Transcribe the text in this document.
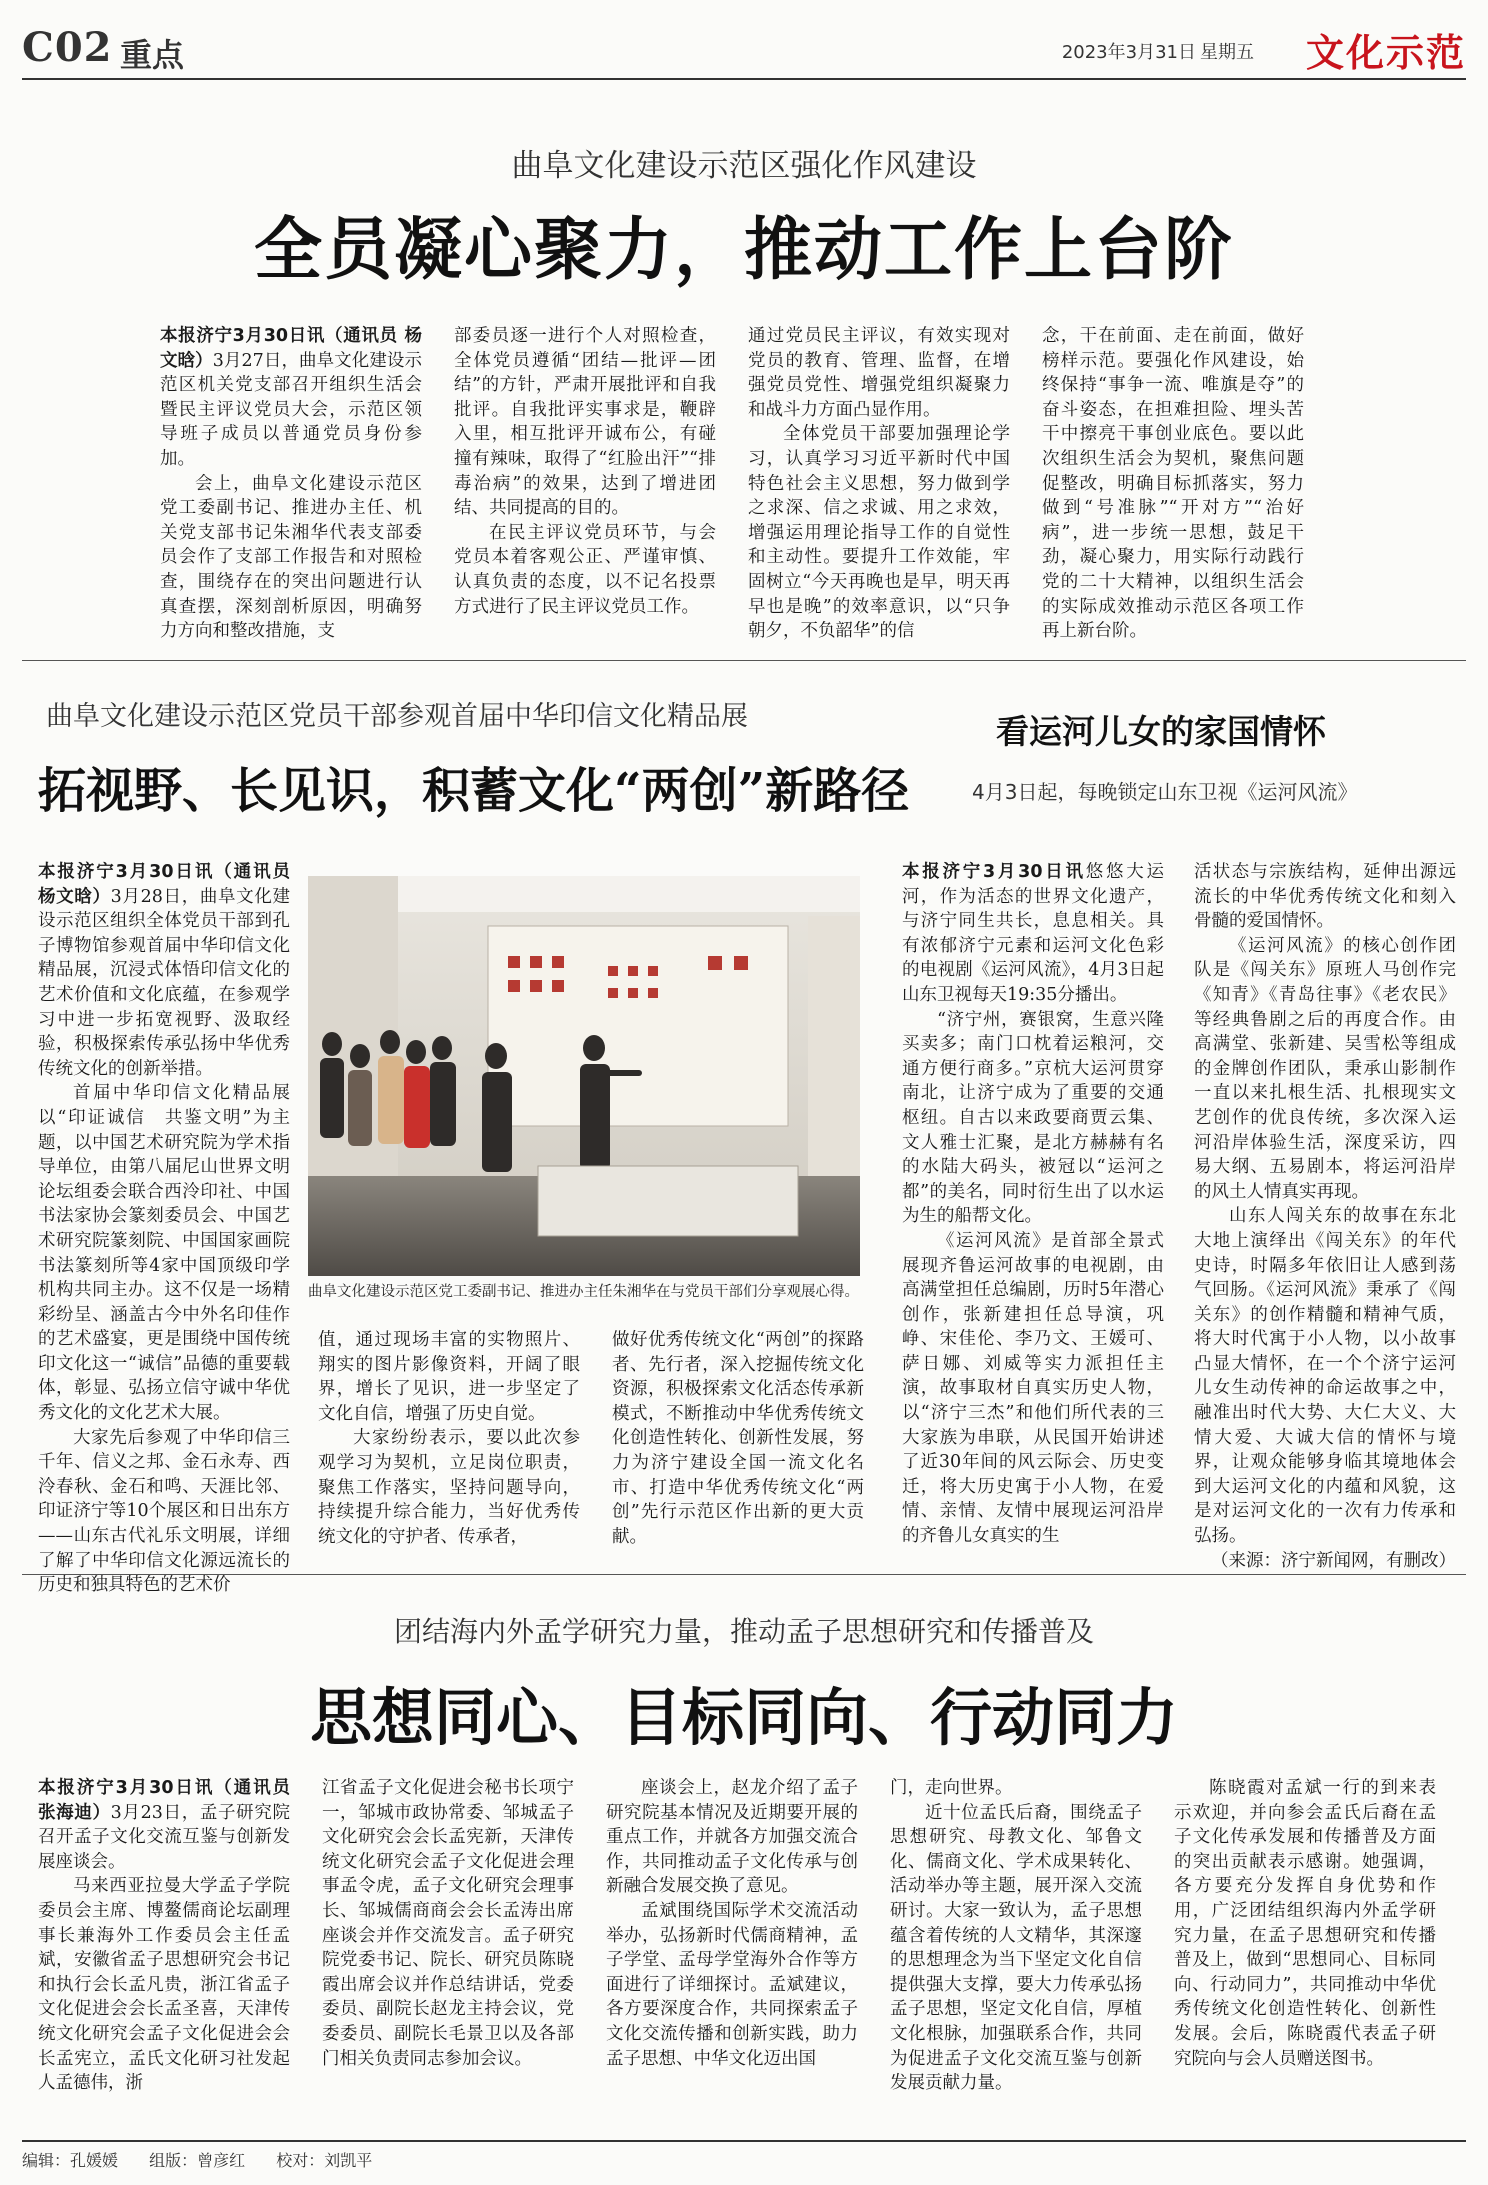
C02 重点	2023年3月31日 星期五 文化示范
曲阜文化建设示范区强化作风建设
全员凝心聚力，推动工作上台阶

本报济宁3月30日讯（通讯员 杨文晗）3月27日，曲阜文化建设示范区机关党支部召开组织生活会暨民主评议党员大会，示范区领导班子成员以普通党员身份参加。

会上，曲阜文化建设示范区党工委副书记、推进办主任、机关党支部书记朱湘华代表支部委员会作了支部工作报告和对照检查，围绕存在的突出问题进行认真查摆，深刻剖析原因，明确努力方向和整改措施，支

部委员逐一进行个人对照检查，全体党员遵循“团结—批评—团结”的方针，严肃开展批评和自我批评。自我批评实事求是，鞭辟入里，相互批评开诚布公，有碰撞有辣味，取得了“红脸出汗”“排毒治病”的效果，达到了增进团结、共同提高的目的。

在民主评议党员环节，与会党员本着客观公正、严谨审慎、认真负责的态度，以不记名投票方式进行了民主评议党员工作。

通过党员民主评议，有效实现对党员的教育、管理、监督，在增强党员党性、增强党组织凝聚力和战斗力方面凸显作用。

全体党员干部要加强理论学习，认真学习习近平新时代中国特色社会主义思想，努力做到学之求深、信之求诚、用之求效，增强运用理论指导工作的自觉性和主动性。要提升工作效能，牢固树立“今天再晚也是早，明天再早也是晚”的效率意识，以“只争朝夕，不负韶华”的信

念，干在前面、走在前面，做好榜样示范。要强化作风建设，始终保持“事争一流、唯旗是夺”的奋斗姿态，在担难担险、埋头苦干中擦亮干事创业底色。要以此次组织生活会为契机，聚焦问题促整改，明确目标抓落实，努力做到“号准脉”“开对方”“治好病”，进一步统一思想，鼓足干劲，凝心聚力，用实际行动践行党的二十大精神，以组织生活会的实际成效推动示范区各项工作再上新台阶。

曲阜文化建设示范区党员干部参观首届中华印信文化精品展
拓视野、长见识，积蓄文化“两创”新路径

本报济宁3月30日讯（通讯员 杨文晗）3月28日，曲阜文化建设示范区组织全体党员干部到孔子博物馆参观首届中华印信文化精品展，沉浸式体悟印信文化的艺术价值和文化底蕴，在参观学习中进一步拓宽视野、汲取经验，积极探索传承弘扬中华优秀传统文化的创新举措。

首届中华印信文化精品展以“印证诚信　共鉴文明”为主题，以中国艺术研究院为学术指导单位，由第八届尼山世界文明论坛组委会联合西泠印社、中国书法家协会篆刻委员会、中国艺术研究院篆刻院、中国国家画院书法篆刻所等4家中国顶级印学机构共同主办。这不仅是一场精彩纷呈、涵盖古今中外名印佳作的艺术盛宴，更是围绕中国传统印文化这一“诚信”品德的重要载体，彰显、弘扬立信守诚中华优秀文化的文化艺术大展。

大家先后参观了中华印信三千年、信义之邦、金石永寿、西泠春秋、金石和鸣、天涯比邻、印证济宁等10个展区和日出东方——山东古代礼乐文明展，详细了解了中华印信文化源远流长的历史和独具特色的艺术价

曲阜文化建设示范区党工委副书记、推进办主任朱湘华在与党员干部们分享观展心得。

值，通过现场丰富的实物照片、翔实的图片影像资料，开阔了眼界，增长了见识，进一步坚定了文化自信，增强了历史自觉。

大家纷纷表示，要以此次参观学习为契机，立足岗位职责，聚焦工作落实，坚持问题导向，持续提升综合能力，当好优秀传统文化的守护者、传承者，

做好优秀传统文化“两创”的探路者、先行者，深入挖掘传统文化资源，积极探索文化活态传承新模式，不断推动中华优秀传统文化创造性转化、创新性发展，努力为济宁建设全国一流文化名市、打造中华优秀传统文化“两创”先行示范区作出新的更大贡献。

看运河儿女的家国情怀
4月3日起，每晚锁定山东卫视《运河风流》

本报济宁3月30日讯悠悠大运河，作为活态的世界文化遗产，与济宁同生共长，息息相关。具有浓郁济宁元素和运河文化色彩的电视剧《运河风流》，4月3日起山东卫视每天19:35分播出。

“济宁州，赛银窝，生意兴隆买卖多；南门口枕着运粮河，交通方便行商多。”京杭大运河贯穿南北，让济宁成为了重要的交通枢纽。自古以来政要商贾云集、文人雅士汇聚，是北方赫赫有名的水陆大码头，被冠以“运河之都”的美名，同时衍生出了以水运为生的船帮文化。

《运河风流》是首部全景式展现齐鲁运河故事的电视剧，由高满堂担任总编剧，历时5年潜心创作，张新建担任总导演，巩峥、宋佳伦、李乃文、王媛可、萨日娜、刘威等实力派担任主演，故事取材自真实历史人物，以“济宁三杰”和他们所代表的三大家族为串联，从民国开始讲述了近30年间的风云际会、历史变迁，将大历史寓于小人物，在爱情、亲情、友情中展现运河沿岸的齐鲁儿女真实的生

活状态与宗族结构，延伸出源远流长的中华优秀传统文化和刻入骨髓的爱国情怀。

《运河风流》的核心创作团队是《闯关东》原班人马创作完《知青》《青岛往事》《老农民》等经典鲁剧之后的再度合作。由高满堂、张新建、吴雪松等组成的金牌创作团队，秉承山影制作一直以来扎根生活、扎根现实文艺创作的优良传统，多次深入运河沿岸体验生活，深度采访，四易大纲、五易剧本，将运河沿岸的风土人情真实再现。

山东人闯关东的故事在东北大地上演绎出《闯关东》的年代史诗，时隔多年依旧让人感到荡气回肠。《运河风流》秉承了《闯关东》的创作精髓和精神气质，将大时代寓于小人物，以小故事凸显大情怀，在一个个济宁运河儿女生动传神的命运故事之中，融准出时代大势、大仁大义、大情大爱、大诚大信的情怀与境界，让观众能够身临其境地体会到大运河文化的内蕴和风貌，这是对运河文化的一次有力传承和弘扬。

（来源：济宁新闻网，有删改）

团结海内外孟学研究力量，推动孟子思想研究和传播普及
思想同心、目标同向、行动同力

本报济宁3月30日讯（通讯员 张海迪）3月23日，孟子研究院召开孟子文化交流互鉴与创新发展座谈会。

马来西亚拉曼大学孟子学院委员会主席、博鳌儒商论坛副理事长兼海外工作委员会主任孟斌，安徽省孟子思想研究会书记和执行会长孟凡贵，浙江省孟子文化促进会会长孟圣喜，天津传统文化研究会孟子文化促进会会长孟宪立，孟氏文化研习社发起人孟德伟，浙

江省孟子文化促进会秘书长项宁一，邹城市政协常委、邹城孟子文化研究会会长孟宪新，天津传统文化研究会孟子文化促进会理事孟令虎，孟子文化研究会理事长、邹城儒商商会会长孟涛出席座谈会并作交流发言。孟子研究院党委书记、院长、研究员陈晓霞出席会议并作总结讲话，党委委员、副院长赵龙主持会议，党委委员、副院长毛景卫以及各部门相关负责同志参加会议。

座谈会上，赵龙介绍了孟子研究院基本情况及近期要开展的重点工作，并就各方加强交流合作，共同推动孟子文化传承与创新融合发展交换了意见。

孟斌围绕国际学术交流活动举办，弘扬新时代儒商精神，孟子学堂、孟母学堂海外合作等方面进行了详细探讨。孟斌建议，各方要深度合作，共同探索孟子文化交流传播和创新实践，助力孟子思想、中华文化迈出国

门，走向世界。

近十位孟氏后裔，围绕孟子思想研究、母教文化、邹鲁文化、儒商文化、学术成果转化、活动举办等主题，展开深入交流研讨。大家一致认为，孟子思想蕴含着传统的人文精华，其深邃的思想理念为当下坚定文化自信提供强大支撑，要大力传承弘扬孟子思想，坚定文化自信，厚植文化根脉，加强联系合作，共同为促进孟子文化交流互鉴与创新发展贡献力量。

陈晓霞对孟斌一行的到来表示欢迎，并向参会孟氏后裔在孟子文化传承发展和传播普及方面的突出贡献表示感谢。她强调，各方要充分发挥自身优势和作用，广泛团结组织海内外孟学研究力量，在孟子思想研究和传播普及上，做到“思想同心、目标同向、行动同力”，共同推动中华优秀传统文化创造性转化、创新性发展。会后，陈晓霞代表孟子研究院向与会人员赠送图书。

编辑：孔媛媛 组版：曾彦红 校对：刘凯平
